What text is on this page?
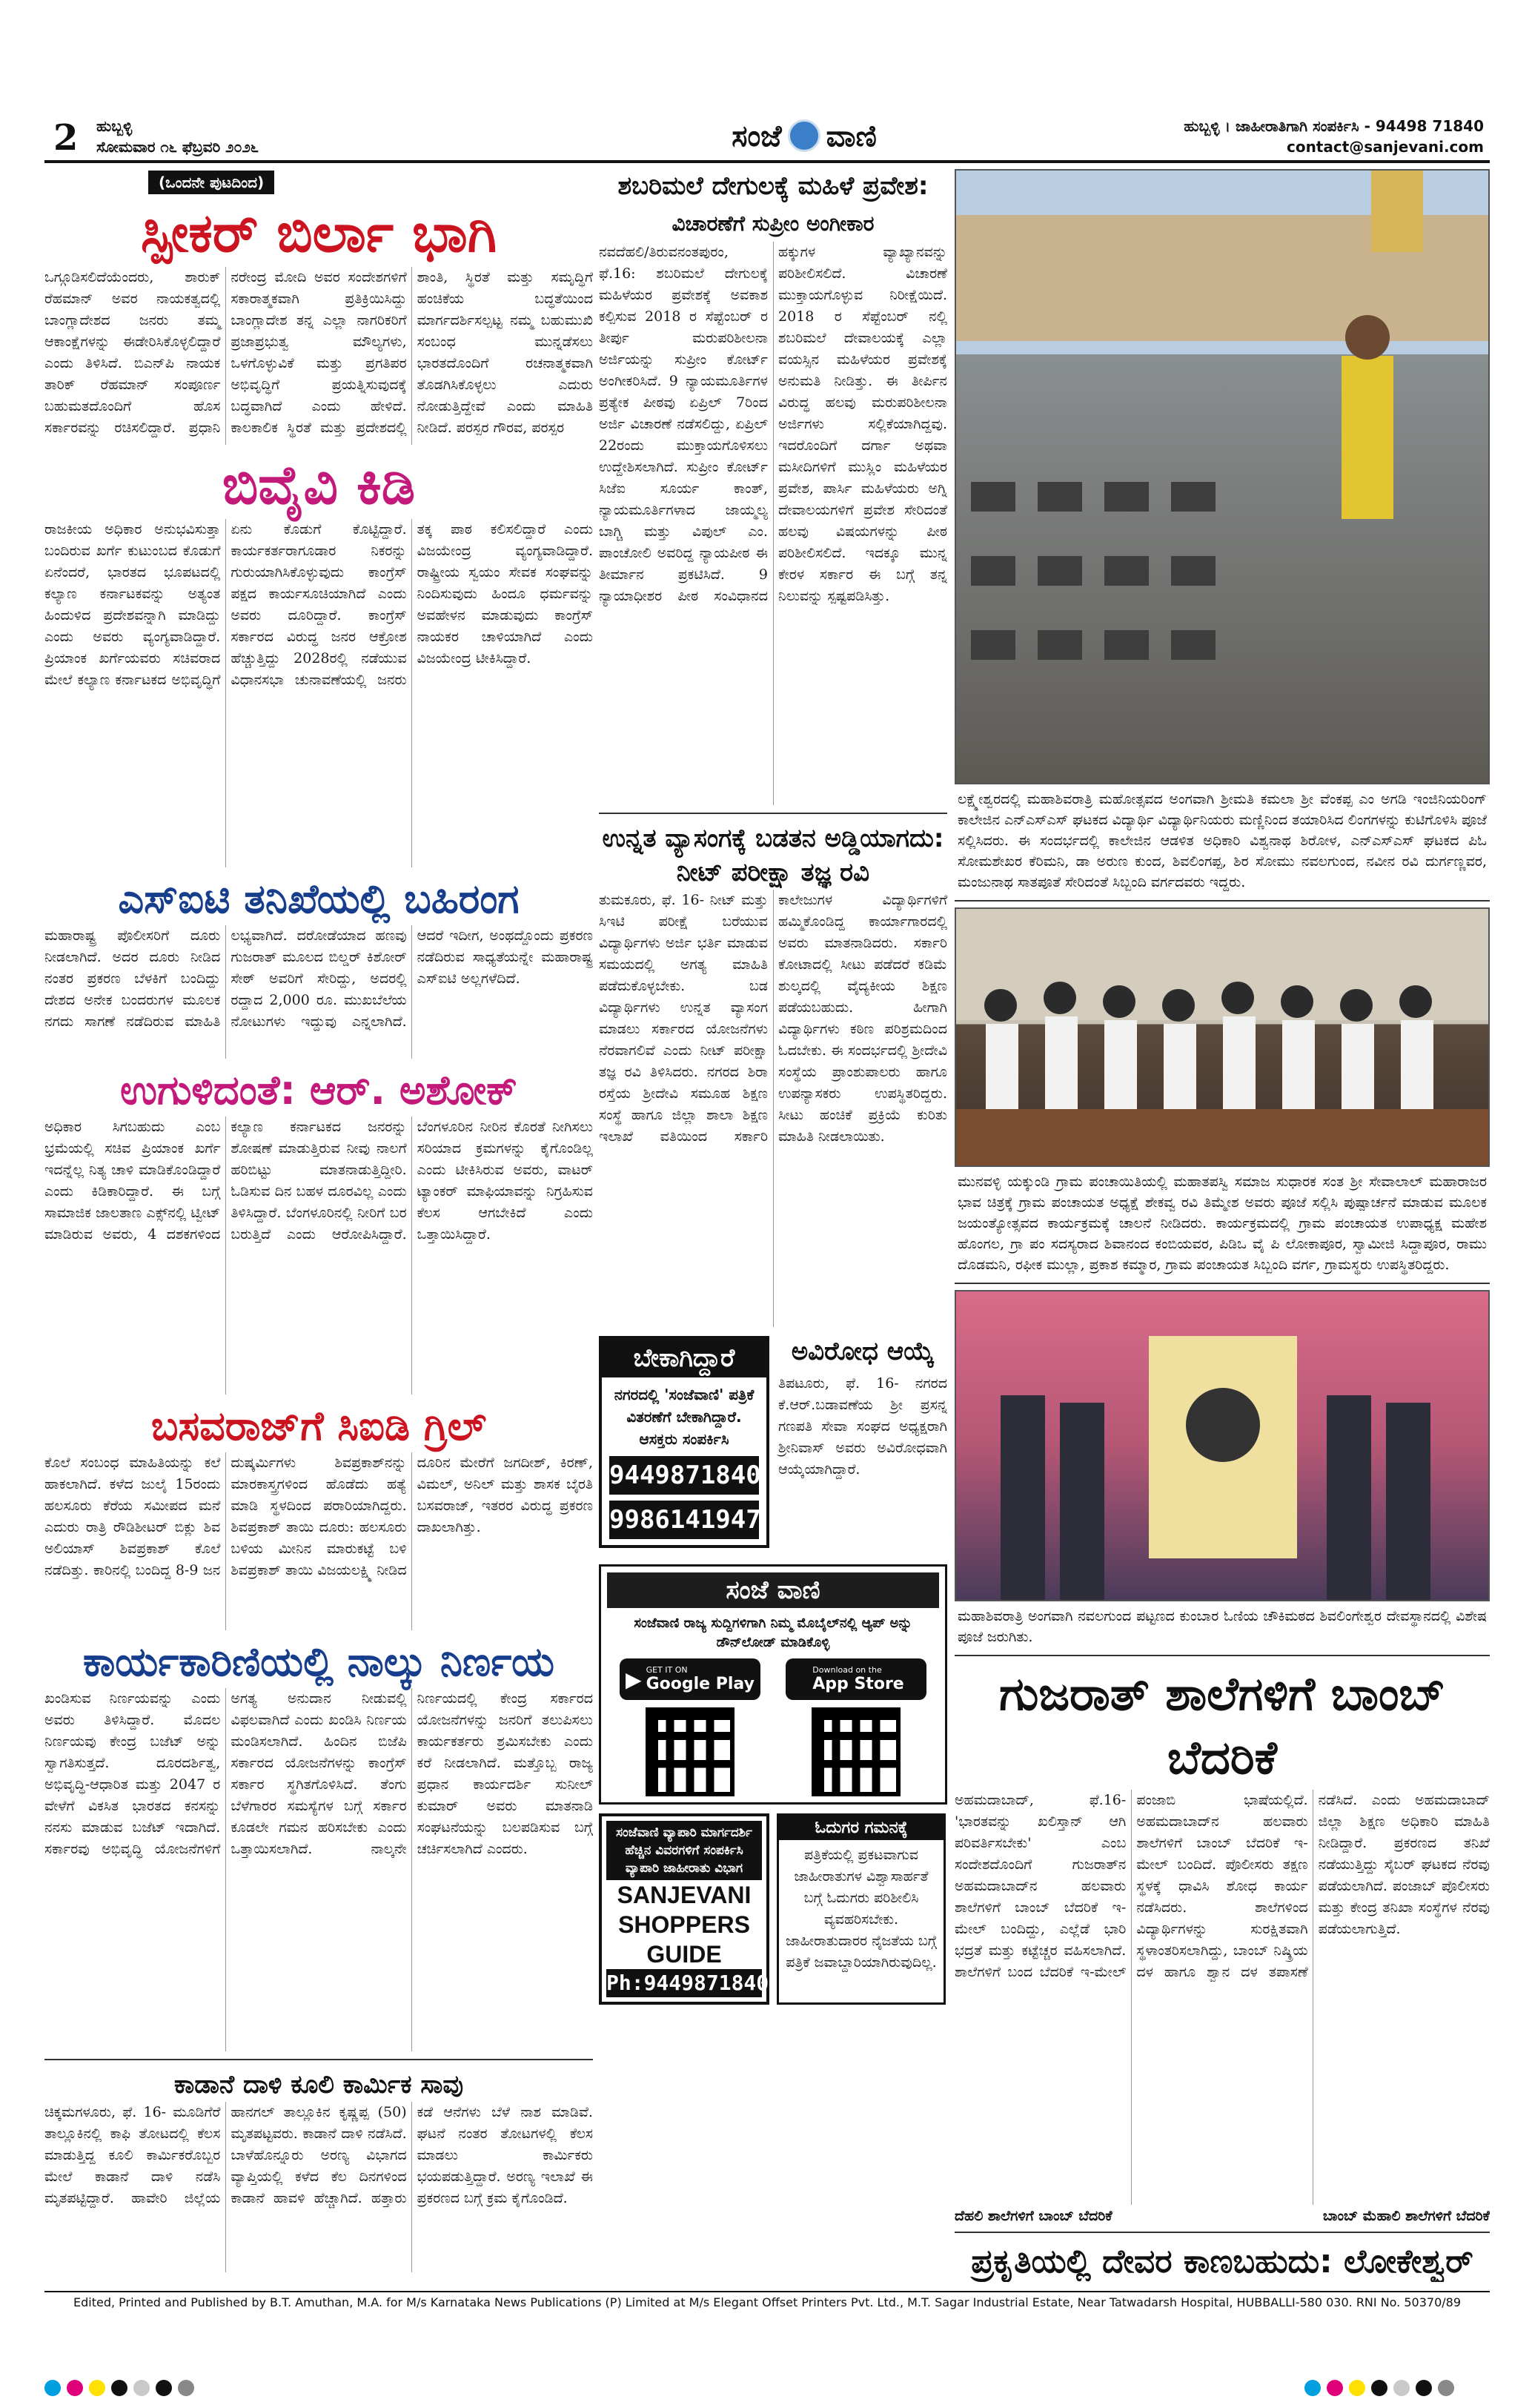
2 ಹುಬ್ಬಳ್ಳಿ
ಸೋಮವಾರ ೧೬ ಫೆಬ್ರವರಿ ೨೦೨೬	ಸಂಜೆ ವಾಣಿ	ಹುಬ್ಬಳ್ಳಿ । ಜಾಹೀರಾತಿಗಾಗಿ ಸಂಪರ್ಕಿಸಿ - 94498 71840
contact@sanjevani.com
(ಒಂದನೇ ಪುಟದಿಂದ)
ಸ್ಪೀಕರ್ ಬಿರ್ಲಾ ಭಾಗಿ
ಒಗ್ಗೂಡಿಸಲಿದೆಯೆಂದರು, ಶಾರುಕ್ ರೆಹಮಾನ್ ಅವರ ನಾಯಕತ್ವದಲ್ಲಿ ಬಾಂಗ್ಲಾದೇಶದ ಜನರು ತಮ್ಮ ಆಕಾಂಕ್ಷೆಗಳನ್ನು ಈಡೇರಿಸಿಕೊಳ್ಳಲಿದ್ದಾರೆ ಎಂದು ತಿಳಿಸಿದೆ. ಬಿಎನ್‌ಪಿ ನಾಯಕ ತಾರಿಕ್ ರೆಹಮಾನ್ ಸಂಪೂರ್ಣ ಬಹುಮತದೊಂದಿಗೆ ಹೊಸ ಸರ್ಕಾರವನ್ನು ರಚಿಸಲಿದ್ದಾರೆ. ಪ್ರಧಾನಿ ನರೇಂದ್ರ ಮೋದಿ ಅವರ ಸಂದೇಶಗಳಿಗೆ ಸಕಾರಾತ್ಮಕವಾಗಿ ಪ್ರತಿಕ್ರಿಯಿಸಿದ್ದು ಬಾಂಗ್ಲಾದೇಶ ತನ್ನ ಎಲ್ಲಾ ನಾಗರಿಕರಿಗೆ ಪ್ರಜಾಪ್ರಭುತ್ವ ಮೌಲ್ಯಗಳು, ಒಳಗೊಳ್ಳುವಿಕೆ ಮತ್ತು ಪ್ರಗತಿಪರ ಅಭಿವೃದ್ಧಿಗೆ ಪ್ರಯತ್ನಿಸುವುದಕ್ಕೆ ಬದ್ಧವಾಗಿದೆ ಎಂದು ಹೇಳಿದೆ. ಕಾಲಕಾಲಿಕ ಸ್ಥಿರತೆ ಮತ್ತು ಪ್ರದೇಶದಲ್ಲಿ ಶಾಂತಿ, ಸ್ಥಿರತೆ ಮತ್ತು ಸಮೃದ್ಧಿಗೆ ಹಂಚಿಕೆಯ ಬದ್ಧತೆಯಿಂದ ಮಾರ್ಗದರ್ಶಿಸಲ್ಪಟ್ಟ ನಮ್ಮ ಬಹುಮುಖಿ ಸಂಬಂಧ ಮುನ್ನಡೆಸಲು ಭಾರತದೊಂದಿಗೆ ರಚನಾತ್ಮಕವಾಗಿ ತೊಡಗಿಸಿಕೊಳ್ಳಲು ಎದುರು ನೋಡುತ್ತಿದ್ದೇವೆ ಎಂದು ಮಾಹಿತಿ ನೀಡಿದೆ. ಪರಸ್ಪರ ಗೌರವ, ಪರಸ್ಪರ
ಬಿವೈವಿ ಕಿಡಿ
ರಾಜಕೀಯ ಅಧಿಕಾರ ಅನುಭವಿಸುತ್ತಾ ಬಂದಿರುವ ಖರ್ಗೆ ಕುಟುಂಬದ ಕೊಡುಗೆ ಏನೆಂದರೆ, ಭಾರತದ ಭೂಪಟದಲ್ಲಿ ಕಲ್ಯಾಣ ಕರ್ನಾಟಕವನ್ನು ಅತ್ಯಂತ ಹಿಂದುಳಿದ ಪ್ರದೇಶವನ್ನಾಗಿ ಮಾಡಿದ್ದು ಎಂದು ಅವರು ವ್ಯಂಗ್ಯವಾಡಿದ್ದಾರೆ. ಪ್ರಿಯಾಂಕ ಖರ್ಗೆಯವರು ಸಚಿವರಾದ ಮೇಲೆ ಕಲ್ಯಾಣ ಕರ್ನಾಟಕದ ಅಭಿವೃದ್ಧಿಗೆ ಏನು ಕೊಡುಗೆ ಕೊಟ್ಟಿದ್ದಾರೆ. ಕಾರ್ಯಕರ್ತರಾಗೂಡಾರ ನಿಕರನ್ನು ಗುರುಯಾಗಿಸಿಕೊಳ್ಳುವುದು ಕಾಂಗ್ರೆಸ್ ಪಕ್ಷದ ಕಾರ್ಯಸೂಚಿಯಾಗಿದೆ ಎಂದು ಅವರು ದೂರಿದ್ದಾರೆ. ಕಾಂಗ್ರೆಸ್ ಸರ್ಕಾರದ ವಿರುದ್ಧ ಜನರ ಆಕ್ರೋಶ ಹೆಚ್ಚುತ್ತಿದ್ದು 2028ರಲ್ಲಿ ನಡೆಯುವ ವಿಧಾನಸಭಾ ಚುನಾವಣೆಯಲ್ಲಿ ಜನರು ತಕ್ಕ ಪಾಠ ಕಲಿಸಲಿದ್ದಾರೆ ಎಂದು ವಿಜಯೇಂದ್ರ ವ್ಯಂಗ್ಯವಾಡಿದ್ದಾರೆ. ರಾಷ್ಟ್ರೀಯ ಸ್ವಯಂ ಸೇವಕ ಸಂಘವನ್ನು ನಿಂದಿಸುವುದು ಹಿಂದೂ ಧರ್ಮವನ್ನು ಅವಹೇಳನ ಮಾಡುವುದು ಕಾಂಗ್ರೆಸ್ ನಾಯಕರ ಚಾಳಿಯಾಗಿದೆ ಎಂದು ವಿಜಯೇಂದ್ರ ಟೀಕಿಸಿದ್ದಾರೆ.
ಎಸ್‌ಐಟಿ ತನಿಖೆಯಲ್ಲಿ ಬಹಿರಂಗ
ಮಹಾರಾಷ್ಟ್ರ ಪೊಲೀಸರಿಗೆ ದೂರು ನೀಡಲಾಗಿದೆ. ಅದರ ದೂರು ನೀಡಿದ ನಂತರ ಪ್ರಕರಣ ಬೆಳಕಿಗೆ ಬಂದಿದ್ದು ದೇಶದ ಅನೇಕ ಬಂದರುಗಳ ಮೂಲಕ ನಗದು ಸಾಗಣೆ ನಡೆದಿರುವ ಮಾಹಿತಿ ಲಭ್ಯವಾಗಿದೆ. ದರೋಡೆಯಾದ ಹಣವು ಗುಜರಾತ್ ಮೂಲದ ಬಿಲ್ಡರ್ ಕಿಶೋರ್ ಸೇಠ್ ಅವರಿಗೆ ಸೇರಿದ್ದು, ಅದರಲ್ಲಿ ರದ್ದಾದ 2,000 ರೂ. ಮುಖಬೆಲೆಯ ನೋಟುಗಳು ಇದ್ದುವು ಎನ್ನಲಾಗಿದೆ. ಆದರೆ ಇದೀಗ, ಅಂಥದ್ದೊಂದು ಪ್ರಕರಣ ನಡೆದಿರುವ ಸಾಧ್ಯತೆಯನ್ನೇ ಮಹಾರಾಷ್ಟ್ರ ಎಸ್‌ಐಟಿ ಅಲ್ಲಗಳೆದಿದೆ.
ಉಗುಳಿದಂತೆ: ಆರ್. ಅಶೋಕ್
ಅಧಿಕಾರ ಸಿಗಬಹುದು ಎಂಬ ಭ್ರಮೆಯಲ್ಲಿ ಸಚಿವ ಪ್ರಿಯಾಂಕ ಖರ್ಗೆ ಇದನ್ನೆಲ್ಲ ನಿತ್ಯ ಚಾಳಿ ಮಾಡಿಕೊಂಡಿದ್ದಾರೆ ಎಂದು ಕಿಡಿಕಾರಿದ್ದಾರೆ. ಈ ಬಗ್ಗೆ ಸಾಮಾಜಿಕ ಜಾಲತಾಣ ಎಕ್ಸ್‌ನಲ್ಲಿ ಟ್ವೀಟ್ ಮಾಡಿರುವ ಅವರು, 4 ದಶಕಗಳಿಂದ ಕಲ್ಯಾಣ ಕರ್ನಾಟಕದ ಜನರನ್ನು ಶೋಷಣೆ ಮಾಡುತ್ತಿರುವ ನೀವು ನಾಲಗೆ ಹರಿಬಿಟ್ಟು ಮಾತನಾಡುತ್ತಿದ್ದೀರಿ. ಓಡಿಸುವ ದಿನ ಬಹಳ ದೂರವಿಲ್ಲ ಎಂದು ತಿಳಿಸಿದ್ದಾರೆ. ಬೆಂಗಳೂರಿನಲ್ಲಿ ನೀರಿಗೆ ಬರ ಬರುತ್ತಿದೆ ಎಂದು ಆರೋಪಿಸಿದ್ದಾರೆ. ಬೆಂಗಳೂರಿನ ನೀರಿನ ಕೊರತೆ ನೀಗಿಸಲು ಸರಿಯಾದ ಕ್ರಮಗಳನ್ನು ಕೈಗೊಂಡಿಲ್ಲ ಎಂದು ಟೀಕಿಸಿರುವ ಅವರು, ವಾಟರ್ ಟ್ಯಾಂಕರ್ ಮಾಫಿಯಾವನ್ನು ನಿಗ್ರಹಿಸುವ ಕೆಲಸ ಆಗಬೇಕಿದೆ ಎಂದು ಒತ್ತಾಯಿಸಿದ್ದಾರೆ.
ಬಸವರಾಜ್‌ಗೆ ಸಿಐಡಿ ಗ್ರಿಲ್
ಕೊಲೆ ಸಂಬಂಧ ಮಾಹಿತಿಯನ್ನು ಕಲೆ ಹಾಕಲಾಗಿದೆ. ಕಳೆದ ಜುಲೈ 15ರಂದು ಹಲಸೂರು ಕೆರೆಯ ಸಮೀಪದ ಮನೆ ಎದುರು ರಾತ್ರಿ ರೌಡಿಶೀಟರ್ ಬಿಕ್ಲು ಶಿವ ಅಲಿಯಾಸ್ ಶಿವಪ್ರಕಾಶ್ ಕೊಲೆ ನಡೆದಿತ್ತು. ಕಾರಿನಲ್ಲಿ ಬಂದಿದ್ದ 8-9 ಜನ ದುಷ್ಕರ್ಮಿಗಳು ಶಿವಪ್ರಕಾಶ್‌ನನ್ನು ಮಾರಕಾಸ್ತ್ರಗಳಿಂದ ಹೊಡೆದು ಹತ್ಯೆ ಮಾಡಿ ಸ್ಥಳದಿಂದ ಪರಾರಿಯಾಗಿದ್ದರು. ಶಿವಪ್ರಕಾಶ್ ತಾಯಿ ದೂರು: ಹಲಸೂರು ಬಳಿಯ ಮೀನಿನ ಮಾರುಕಟ್ಟೆ ಬಳಿ ಶಿವಪ್ರಕಾಶ್ ತಾಯಿ ವಿಜಯಲಕ್ಷ್ಮಿ ನೀಡಿದ ದೂರಿನ ಮೇರೆಗೆ ಜಗದೀಶ್, ಕಿರಣ್, ವಿಮಲ್, ಅನಿಲ್ ಮತ್ತು ಶಾಸಕ ಬೈರತಿ ಬಸವರಾಜ್, ಇತರರ ವಿರುದ್ಧ ಪ್ರಕರಣ ದಾಖಲಾಗಿತ್ತು.
ಕಾರ್ಯಕಾರಿಣಿಯಲ್ಲಿ ನಾಲ್ಕು ನಿರ್ಣಯ
ಖಂಡಿಸುವ ನಿರ್ಣಯವನ್ನು ಎಂದು ಅವರು ತಿಳಿಸಿದ್ದಾರೆ. ಮೊದಲ ನಿರ್ಣಯವು ಕೇಂದ್ರ ಬಜೆಟ್ ಅನ್ನು ಸ್ವಾಗತಿಸುತ್ತದೆ. ದೂರದರ್ಶಿತ್ವ, ಅಭಿವೃದ್ಧಿ-ಆಧಾರಿತ ಮತ್ತು 2047 ರ ವೇಳೆಗೆ ವಿಕಸಿತ ಭಾರತದ ಕನಸನ್ನು ನನಸು ಮಾಡುವ ಬಜೆಟ್ ಇದಾಗಿದೆ. ಸರ್ಕಾರವು ಅಭಿವೃದ್ಧಿ ಯೋಜನೆಗಳಿಗೆ ಅಗತ್ಯ ಅನುದಾನ ನೀಡುವಲ್ಲಿ ವಿಫಲವಾಗಿದೆ ಎಂದು ಖಂಡಿಸಿ ನಿರ್ಣಯ ಮಂಡಿಸಲಾಗಿದೆ. ಹಿಂದಿನ ಬಿಜೆಪಿ ಸರ್ಕಾರದ ಯೋಜನೆಗಳನ್ನು ಕಾಂಗ್ರೆಸ್ ಸರ್ಕಾರ ಸ್ಥಗಿತಗೊಳಿಸಿದೆ. ತೆಂಗು ಬೆಳೆಗಾರರ ಸಮಸ್ಯೆಗಳ ಬಗ್ಗೆ ಸರ್ಕಾರ ಕೂಡಲೇ ಗಮನ ಹರಿಸಬೇಕು ಎಂದು ಒತ್ತಾಯಿಸಲಾಗಿದೆ. ನಾಲ್ಕನೇ ನಿರ್ಣಯದಲ್ಲಿ ಕೇಂದ್ರ ಸರ್ಕಾರದ ಯೋಜನೆಗಳನ್ನು ಜನರಿಗೆ ತಲುಪಿಸಲು ಕಾರ್ಯಕರ್ತರು ಶ್ರಮಿಸಬೇಕು ಎಂದು ಕರೆ ನೀಡಲಾಗಿದೆ. ಮತ್ತೊಬ್ಬ ರಾಜ್ಯ ಪ್ರಧಾನ ಕಾರ್ಯದರ್ಶಿ ಸುನೀಲ್ ಕುಮಾರ್ ಅವರು ಮಾತನಾಡಿ ಸಂಘಟನೆಯನ್ನು ಬಲಪಡಿಸುವ ಬಗ್ಗೆ ಚರ್ಚಿಸಲಾಗಿದೆ ಎಂದರು.
ಕಾಡಾನೆ ದಾಳಿ ಕೂಲಿ ಕಾರ್ಮಿಕ ಸಾವು
ಚಿಕ್ಕಮಗಳೂರು, ಫೆ. 16- ಮೂಡಿಗೆರೆ ತಾಲ್ಲೂಕಿನಲ್ಲಿ ಕಾಫಿ ತೋಟದಲ್ಲಿ ಕೆಲಸ ಮಾಡುತ್ತಿದ್ದ ಕೂಲಿ ಕಾರ್ಮಿಕರೊಬ್ಬರ ಮೇಲೆ ಕಾಡಾನೆ ದಾಳಿ ನಡೆಸಿ ಮೃತಪಟ್ಟಿದ್ದಾರೆ. ಹಾವೇರಿ ಜಿಲ್ಲೆಯ ಹಾನಗಲ್ ತಾಲ್ಲೂಕಿನ ಕೃಷ್ಣಪ್ಪ (50) ಮೃತಪಟ್ಟವರು. ಕಾಡಾನೆ ದಾಳಿ ನಡೆಸಿದೆ. ಬಾಳೆಹೊನ್ನೂರು ಅರಣ್ಯ ವಿಭಾಗದ ವ್ಯಾಪ್ತಿಯಲ್ಲಿ ಕಳೆದ ಕೆಲ ದಿನಗಳಿಂದ ಕಾಡಾನೆ ಹಾವಳಿ ಹೆಚ್ಚಾಗಿದೆ. ಹತ್ತಾರು ಕಡೆ ಆನೆಗಳು ಬೆಳೆ ನಾಶ ಮಾಡಿವೆ. ಘಟನೆ ನಂತರ ತೋಟಗಳಲ್ಲಿ ಕೆಲಸ ಮಾಡಲು ಕಾರ್ಮಿಕರು ಭಯಪಡುತ್ತಿದ್ದಾರೆ. ಅರಣ್ಯ ಇಲಾಖೆ ಈ ಪ್ರಕರಣದ ಬಗ್ಗೆ ಕ್ರಮ ಕೈಗೊಂಡಿದೆ.
ಶಬರಿಮಲೆ ದೇಗುಲಕ್ಕೆ ಮಹಿಳೆ ಪ್ರವೇಶ:
ವಿಚಾರಣೆಗೆ ಸುಪ್ರೀಂ ಅಂಗೀಕಾರ
ನವದೆಹಲಿ/ತಿರುವನಂತಪುರಂ, ಫೆ.16: ಶಬರಿಮಲೆ ದೇಗುಲಕ್ಕೆ ಮಹಿಳೆಯರ ಪ್ರವೇಶಕ್ಕೆ ಅವಕಾಶ ಕಲ್ಪಿಸುವ 2018 ರ ಸೆಪ್ಟೆಂಬರ್ ರ ತೀರ್ಪು ಮರುಪರಿಶೀಲನಾ ಅರ್ಜಿಯನ್ನು ಸುಪ್ರೀಂ ಕೋರ್ಟ್ ಅಂಗೀಕರಿಸಿದೆ. 9 ನ್ಯಾಯಮೂರ್ತಿಗಳ ಪ್ರತ್ಯೇಕ ಪೀಠವು ಏಪ್ರಿಲ್ 7ರಿಂದ ಅರ್ಜಿ ವಿಚಾರಣೆ ನಡೆಸಲಿದ್ದು, ಏಪ್ರಿಲ್ 22ರಂದು ಮುಕ್ತಾಯಗೊಳಿಸಲು ಉದ್ದೇಶಿಸಲಾಗಿದೆ. ಸುಪ್ರೀಂ ಕೋರ್ಟ್ ಸಿಜೆಐ ಸೂರ್ಯ ಕಾಂತ್, ನ್ಯಾಯಮೂರ್ತಿಗಳಾದ ಜಾಯ್ಮಲ್ಯ ಬಾಗ್ಚಿ ಮತ್ತು ವಿಪುಲ್ ಎಂ. ಪಾಂಚೋಲಿ ಅವರಿದ್ದ ನ್ಯಾಯಪೀಠ ಈ ತೀರ್ಮಾನ ಪ್ರಕಟಿಸಿದೆ. 9 ನ್ಯಾಯಾಧೀಶರ ಪೀಠ ಸಂವಿಧಾನದ ಹಕ್ಕುಗಳ ವ್ಯಾಖ್ಯಾನವನ್ನು ಪರಿಶೀಲಿಸಲಿದೆ. ವಿಚಾರಣೆ ಮುಕ್ತಾಯಗೊಳ್ಳುವ ನಿರೀಕ್ಷೆಯಿದೆ. 2018 ರ ಸೆಪ್ಟೆಂಬರ್ ನಲ್ಲಿ ಶಬರಿಮಲೆ ದೇವಾಲಯಕ್ಕೆ ಎಲ್ಲಾ ವಯಸ್ಸಿನ ಮಹಿಳೆಯರ ಪ್ರವೇಶಕ್ಕೆ ಅನುಮತಿ ನೀಡಿತ್ತು. ಈ ತೀರ್ಪಿನ ವಿರುದ್ಧ ಹಲವು ಮರುಪರಿಶೀಲನಾ ಅರ್ಜಿಗಳು ಸಲ್ಲಿಕೆಯಾಗಿದ್ದವು. ಇದರೊಂದಿಗೆ ದರ್ಗಾ ಅಥವಾ ಮಸೀದಿಗಳಿಗೆ ಮುಸ್ಲಿಂ ಮಹಿಳೆಯರ ಪ್ರವೇಶ, ಪಾರ್ಸಿ ಮಹಿಳೆಯರು ಅಗ್ನಿ ದೇವಾಲಯಗಳಿಗೆ ಪ್ರವೇಶ ಸೇರಿದಂತೆ ಹಲವು ವಿಷಯಗಳನ್ನು ಪೀಠ ಪರಿಶೀಲಿಸಲಿದೆ. ಇದಕ್ಕೂ ಮುನ್ನ ಕೇರಳ ಸರ್ಕಾರ ಈ ಬಗ್ಗೆ ತನ್ನ ನಿಲುವನ್ನು ಸ್ಪಷ್ಟಪಡಿಸಿತ್ತು.
ಉನ್ನತ ವ್ಯಾಸಂಗಕ್ಕೆ ಬಡತನ ಅಡ್ಡಿಯಾಗದು: ನೀಟ್ ಪರೀಕ್ಷಾ ತಜ್ಞ ರವಿ
ತುಮಕೂರು, ಫೆ. 16- ನೀಟ್ ಮತ್ತು ಸಿಇಟಿ ಪರೀಕ್ಷೆ ಬರೆಯುವ ವಿದ್ಯಾರ್ಥಿಗಳು ಅರ್ಜಿ ಭರ್ತಿ ಮಾಡುವ ಸಮಯದಲ್ಲಿ ಅಗತ್ಯ ಮಾಹಿತಿ ಪಡೆದುಕೊಳ್ಳಬೇಕು. ಬಡ ವಿದ್ಯಾರ್ಥಿಗಳು ಉನ್ನತ ವ್ಯಾಸಂಗ ಮಾಡಲು ಸರ್ಕಾರದ ಯೋಜನೆಗಳು ನೆರವಾಗಲಿವೆ ಎಂದು ನೀಟ್ ಪರೀಕ್ಷಾ ತಜ್ಞ ರವಿ ತಿಳಿಸಿದರು. ನಗರದ ಶಿರಾ ರಸ್ತೆಯ ಶ್ರೀದೇವಿ ಸಮೂಹ ಶಿಕ್ಷಣ ಸಂಸ್ಥೆ ಹಾಗೂ ಜಿಲ್ಲಾ ಶಾಲಾ ಶಿಕ್ಷಣ ಇಲಾಖೆ ವತಿಯಿಂದ ಸರ್ಕಾರಿ ಕಾಲೇಜುಗಳ ವಿದ್ಯಾರ್ಥಿಗಳಿಗೆ ಹಮ್ಮಿಕೊಂಡಿದ್ದ ಕಾರ್ಯಾಗಾರದಲ್ಲಿ ಅವರು ಮಾತನಾಡಿದರು. ಸರ್ಕಾರಿ ಕೋಟಾದಲ್ಲಿ ಸೀಟು ಪಡೆದರೆ ಕಡಿಮೆ ಶುಲ್ಕದಲ್ಲಿ ವೈದ್ಯಕೀಯ ಶಿಕ್ಷಣ ಪಡೆಯಬಹುದು. ಹೀಗಾಗಿ ವಿದ್ಯಾರ್ಥಿಗಳು ಕಠಿಣ ಪರಿಶ್ರಮದಿಂದ ಓದಬೇಕು. ಈ ಸಂದರ್ಭದಲ್ಲಿ ಶ್ರೀದೇವಿ ಸಂಸ್ಥೆಯ ಪ್ರಾಂಶುಪಾಲರು ಹಾಗೂ ಉಪನ್ಯಾಸಕರು ಉಪಸ್ಥಿತರಿದ್ದರು. ಸೀಟು ಹಂಚಿಕೆ ಪ್ರಕ್ರಿಯೆ ಕುರಿತು ಮಾಹಿತಿ ನೀಡಲಾಯಿತು.
ಬೇಕಾಗಿದ್ದಾರೆ
ನಗರದಲ್ಲಿ 'ಸಂಜೆವಾಣಿ' ಪತ್ರಿಕೆ ವಿತರಣೆಗೆ ಬೇಕಾಗಿದ್ದಾರೆ. ಆಸಕ್ತರು ಸಂಪರ್ಕಿಸಿ
9449871840
9986141947
ಅವಿರೋಧ ಆಯ್ಕೆ
ತಿಪಟೂರು, ಫೆ. 16- ನಗರದ ಕೆ.ಆರ್.ಬಡಾವಣೆಯ ಶ್ರೀ ಪ್ರಸನ್ನ ಗಣಪತಿ ಸೇವಾ ಸಂಘದ ಅಧ್ಯಕ್ಷರಾಗಿ ಶ್ರೀನಿವಾಸ್ ಅವರು ಅವಿರೋಧವಾಗಿ ಆಯ್ಕೆಯಾಗಿದ್ದಾರೆ.
ಸಂಜೆ ವಾಣಿ
ಸಂಜೆವಾಣಿ ರಾಜ್ಯ ಸುದ್ದಿಗಳಿಗಾಗಿ ನಿಮ್ಮ ಮೊಬೈಲ್‌ನಲ್ಲಿ ಆ್ಯಪ್ ಅನ್ನು ಡೌನ್‌ಲೋಡ್ ಮಾಡಿಕೊಳ್ಳಿ
▶ GET IT ON
Google Play
Download on the
App Store
ಸಂಜೆವಾಣಿ ವ್ಯಾಪಾರಿ ಮಾರ್ಗದರ್ಶಿ ಹೆಚ್ಚಿನ ವಿವರಗಳಿಗೆ ಸಂಪರ್ಕಿಸಿ ವ್ಯಾಪಾರಿ ಜಾಹೀರಾತು ವಿಭಾಗ
SANJEVANI
SHOPPERS
GUIDE
Ph:9449871840
ಓದುಗರ ಗಮನಕ್ಕೆ
ಪತ್ರಿಕೆಯಲ್ಲಿ ಪ್ರಕಟವಾಗುವ ಜಾಹೀರಾತುಗಳ ವಿಶ್ವಾಸಾರ್ಹತೆ ಬಗ್ಗೆ ಓದುಗರು ಪರಿಶೀಲಿಸಿ ವ್ಯವಹರಿಸಬೇಕು. ಜಾಹೀರಾತುದಾರರ ನೈಜತೆಯ ಬಗ್ಗೆ ಪತ್ರಿಕೆ ಜವಾಬ್ದಾರಿಯಾಗಿರುವುದಿಲ್ಲ.
ಲಕ್ಷ್ಮೇಶ್ವರದಲ್ಲಿ ಮಹಾಶಿವರಾತ್ರಿ ಮಹೋತ್ಸವದ ಅಂಗವಾಗಿ ಶ್ರೀಮತಿ ಕಮಲಾ ಶ್ರೀ ವೆಂಕಪ್ಪ ಎಂ ಅಗಡಿ ಇಂಜಿನಿಯರಿಂಗ್ ಕಾಲೇಜಿನ ಎನ್‌ಎಸ್‌ಎಸ್ ಘಟಕದ ವಿದ್ಯಾರ್ಥಿ ವಿದ್ಯಾರ್ಥಿನಿಯರು ಮಣ್ಣಿನಿಂದ ತಯಾರಿಸಿದ ಲಿಂಗಗಳನ್ನು ಕುಟಿಗೊಳಿಸಿ ಪೂಜೆ ಸಲ್ಲಿಸಿದರು. ಈ ಸಂದರ್ಭದಲ್ಲಿ ಕಾಲೇಜಿನ ಆಡಳಿತ ಅಧಿಕಾರಿ ವಿಶ್ವನಾಥ ಶಿರೋಳ, ಎನ್‌ಎಸ್‌ಎಸ್ ಘಟಕದ ಪಿಓ ಸೋಮಶೇಖರ ಕೆರಿಮನಿ, ಡಾ ಅರುಣ ಕುಂದ, ಶಿವಲಿಂಗಪ್ಪ, ಶಿರ ಸೋಮು ನವಲಗುಂದ, ನವೀನ ರವಿ ದುರ್ಗಣ್ಣವರ, ಮಂಜುನಾಥ ಸಾತಪೂತೆ ಸೇರಿದಂತೆ ಸಿಬ್ಬಂದಿ ವರ್ಗದವರು ಇದ್ದರು.
ಮುನವಳ್ಳಿ ಯಕ್ಕುಂಡಿ ಗ್ರಾಮ ಪಂಚಾಯಿತಿಯಲ್ಲಿ ಮಹಾತಪಸ್ವಿ ಸಮಾಜ ಸುಧಾರಕ ಸಂತ ಶ್ರೀ ಸೇವಾಲಾಲ್ ಮಹಾರಾಜರ ಭಾವ ಚಿತ್ರಕ್ಕೆ ಗ್ರಾಮ ಪಂಚಾಯತ ಅಧ್ಯಕ್ಷೆ ಶೇಕವ್ವ ರವಿ ತಿಮ್ಮೇಶ ಅವರು ಪೂಜೆ ಸಲ್ಲಿಸಿ ಪುಷ್ಪಾರ್ಚನೆ ಮಾಡುವ ಮೂಲಕ ಜಯಂತ್ಯೋತ್ಸವದ ಕಾರ್ಯಕ್ರಮಕ್ಕೆ ಚಾಲನೆ ನೀಡಿದರು. ಕಾರ್ಯಕ್ರಮದಲ್ಲಿ ಗ್ರಾಮ ಪಂಚಾಯತ ಉಪಾಧ್ಯಕ್ಷ ಮಹೇಶ ಹೊಂಗಲ, ಗ್ರಾ ಪಂ ಸದಸ್ಯರಾದ ಶಿವಾನಂದ ಕಂಬಿಯವರ, ಪಿಡಿಒ ವೈ ಪಿ ಲೋಕಾಪೂರ, ಸ್ವಾಮೀಜಿ ಸಿದ್ದಾಪೂರ, ರಾಮು ದೊಡಮನಿ, ರಫೀಕ ಮುಲ್ಲಾ, ಪ್ರಕಾಶ ಕಮ್ಮಾರ, ಗ್ರಾಮ ಪಂಚಾಯತ ಸಿಬ್ಬಂದಿ ವರ್ಗ, ಗ್ರಾಮಸ್ಥರು ಉಪಸ್ಥಿತರಿದ್ದರು.
ಮಹಾಶಿವರಾತ್ರಿ ಅಂಗವಾಗಿ ನವಲಗುಂದ ಪಟ್ಟಣದ ಕುಂಬಾರ ಓಣಿಯ ಚೌಕಿಮಠದ ಶಿವಲಿಂಗೇಶ್ವರ ದೇವಸ್ಥಾನದಲ್ಲಿ ವಿಶೇಷ ಪೂಜೆ ಜರುಗಿತು.
ಗುಜರಾತ್ ಶಾಲೆಗಳಿಗೆ ಬಾಂಬ್ ಬೆದರಿಕೆ
ಅಹಮದಾಬಾದ್, ಫೆ.16- 'ಭಾರತವನ್ನು ಖಲಿಸ್ತಾನ್ ಆಗಿ ಪರಿವರ್ತಿಸಬೇಕು' ಎಂಬ ಸಂದೇಶದೊಂದಿಗೆ ಗುಜರಾತ್‌ನ ಅಹಮದಾಬಾದ್‌ನ ಹಲವಾರು ಶಾಲೆಗಳಿಗೆ ಬಾಂಬ್ ಬೆದರಿಕೆ ಇ-ಮೇಲ್ ಬಂದಿದ್ದು, ಎಲ್ಲೆಡೆ ಭಾರಿ ಭದ್ರತೆ ಮತ್ತು ಕಟ್ಟೆಚ್ಚರ ವಹಿಸಲಾಗಿದೆ. ಶಾಲೆಗಳಿಗೆ ಬಂದ ಬೆದರಿಕೆ ಇ-ಮೇಲ್ ಪಂಜಾಬಿ ಭಾಷೆಯಲ್ಲಿದೆ. ಅಹಮದಾಬಾದ್‌ನ ಹಲವಾರು ಶಾಲೆಗಳಿಗೆ ಬಾಂಬ್ ಬೆದರಿಕೆ ಇ-ಮೇಲ್ ಬಂದಿದೆ. ಪೊಲೀಸರು ತಕ್ಷಣ ಸ್ಥಳಕ್ಕೆ ಧಾವಿಸಿ ಶೋಧ ಕಾರ್ಯ ನಡೆಸಿದರು. ಶಾಲೆಗಳಿಂದ ವಿದ್ಯಾರ್ಥಿಗಳನ್ನು ಸುರಕ್ಷಿತವಾಗಿ ಸ್ಥಳಾಂತರಿಸಲಾಗಿದ್ದು, ಬಾಂಬ್ ನಿಷ್ಕ್ರಿಯ ದಳ ಹಾಗೂ ಶ್ವಾನ ದಳ ತಪಾಸಣೆ ನಡೆಸಿದೆ. ಎಂದು ಅಹಮದಾಬಾದ್ ಜಿಲ್ಲಾ ಶಿಕ್ಷಣ ಅಧಿಕಾರಿ ಮಾಹಿತಿ ನೀಡಿದ್ದಾರೆ. ಪ್ರಕರಣದ ತನಿಖೆ ನಡೆಯುತ್ತಿದ್ದು ಸೈಬರ್ ಘಟಕದ ನೆರವು ಪಡೆಯಲಾಗಿದೆ. ಪಂಜಾಬ್ ಪೊಲೀಸರು ಮತ್ತು ಕೇಂದ್ರ ತನಿಖಾ ಸಂಸ್ಥೆಗಳ ನೆರವು ಪಡೆಯಲಾಗುತ್ತಿದೆ.
ದೆಹಲಿ ಶಾಲೆಗಳಿಗೆ ಬಾಂಬ್ ಬೆದರಿಕೆ	ಬಾಂಬ್ ಮೆಹಾಲಿ ಶಾಲೆಗಳಿಗೆ ಬೆದರಿಕೆ
ಪ್ರಕೃತಿಯಲ್ಲಿ ದೇವರ ಕಾಣಬಹುದು: ಲೋಕೇಶ್ವರ್
Edited, Printed and Published by B.T. Amuthan, M.A. for M/s Karnataka News Publications (P) Limited at M/s Elegant Offset Printers Pvt. Ltd., M.T. Sagar Industrial Estate, Near Tatwadarsh Hospital, HUBBALLI-580 030. RNI No. 50370/89
